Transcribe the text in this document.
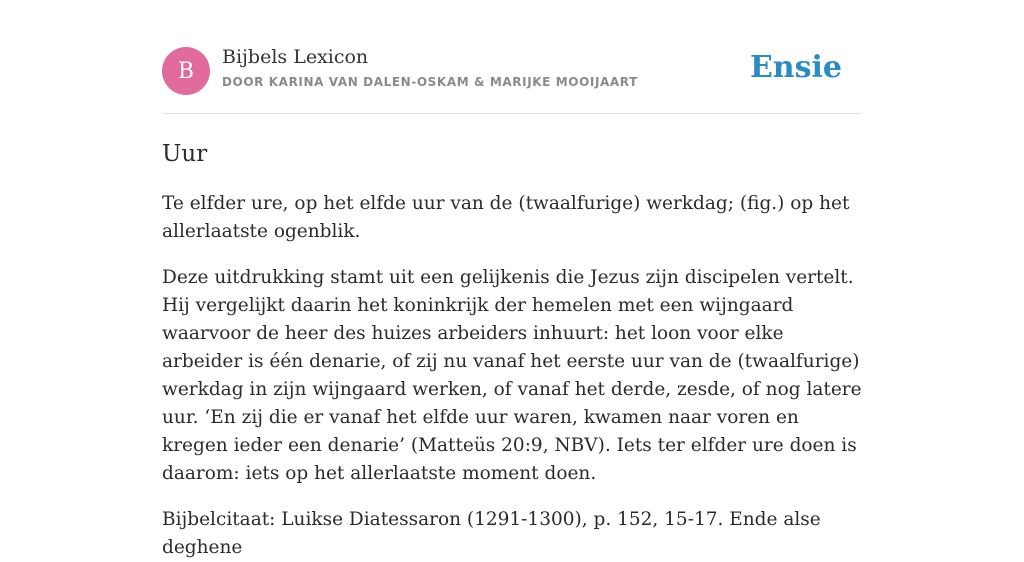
B
Bijbels Lexicon
DOOR KARINA VAN DALEN-OSKAM & MARIJKE MOOIJAART	Ensie
Uur

Te elfder ure, op het elfde uur van de (twaalfurige) werkdag; (fig.) op het allerlaatste ogenblik.

Deze uitdrukking stamt uit een gelijkenis die Jezus zijn discipelen vertelt. Hij vergelijkt daarin het koninkrijk der hemelen met een wijngaard waarvoor de heer des huizes arbeiders inhuurt: het loon voor elke arbeider is één denarie, of zij nu vanaf het eerste uur van de (twaalfurige) werkdag in zijn wijngaard werken, of vanaf het derde, zesde, of nog latere uur. ‘En zij die er vanaf het elfde uur waren, kwamen naar voren en kregen ieder een denarie’ (Matteüs 20:9, NBV). Iets ter elfder ure doen is daarom: iets op het allerlaatste moment doen.

Bijbelcitaat: Luikse Diatessaron (1291-1300), p. 152, 15-17. Ende alse deghene
